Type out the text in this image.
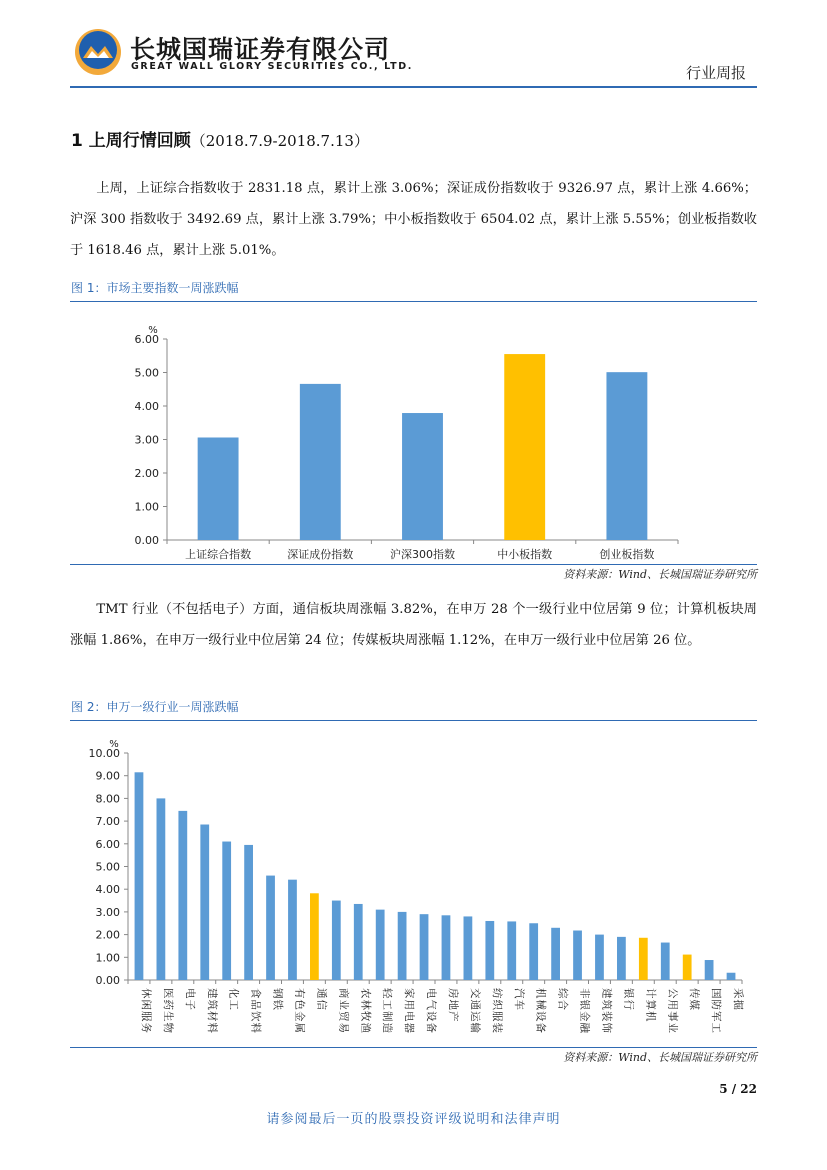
长城国瑞证券有限公司
GREAT WALL GLORY SECURITIES CO., LTD.	行业周报
1 上周行情回顾（2018.7.9-2018.7.13）
上周，上证综合指数收于 2831.18 点，累计上涨 3.06%；深证成份指数收于 9326.97 点，累计上涨 4.66%；沪深 300 指数收于 3492.69 点，累计上涨 3.79%；中小板指数收于 6504.02 点，累计上涨 5.55%；创业板指数收于 1618.46 点，累计上涨 5.01%。
图 1：市场主要指数一周涨跌幅
0.00
1.00
2.00
3.00
4.00
5.00
6.00
%
上证综合指数	深证成份指数	沪深300指数	中小板指数	创业板指数
资料来源：Wind、长城国瑞证券研究所
TMT 行业（不包括电子）方面，通信板块周涨幅 3.82%，在申万 28 个一级行业中位居第 9 位；计算机板块周涨幅 1.86%，在申万一级行业中位居第 24 位；传媒板块周涨幅 1.12%，在申万一级行业中位居第 26 位。
图 2：申万一级行业一周涨跌幅
0.00
1.00
2.00
3.00
4.00
5.00
6.00
7.00
8.00
9.00
10.00
%
休闲服务 医药生物 电子 建筑材料 化工 食品饮料 钢铁 有色金属 通信 商业贸易 农林牧渔 轻工制造 家用电器 电气设备 房地产 交通运输 纺织服装 汽车 机械设备 综合 非银金融 建筑装饰 银行 计算机 公用事业 传媒 国防军工 采掘
资料来源：Wind、长城国瑞证券研究所
5 / 22
请参阅最后一页的股票投资评级说明和法律声明
